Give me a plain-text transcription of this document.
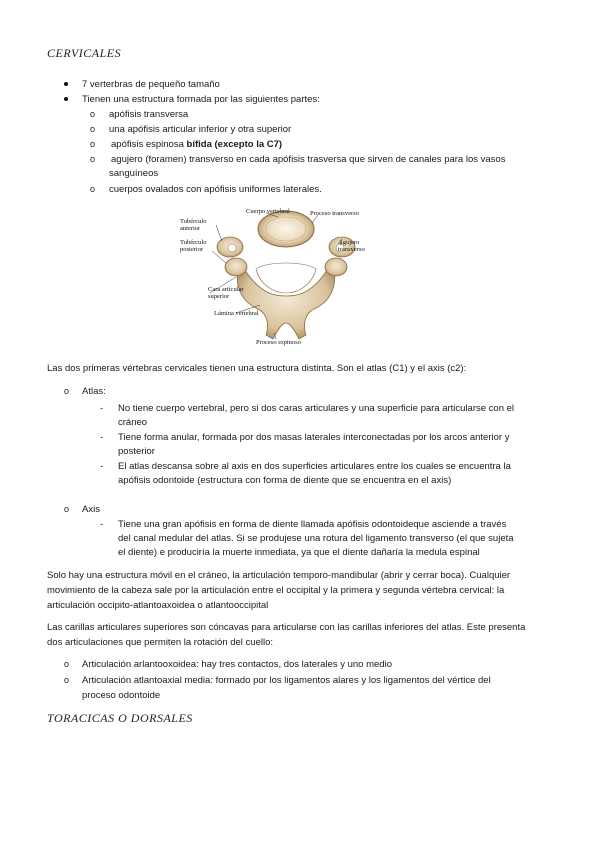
CERVICALES
7 verterbras de pequeño tamaño
Tienen una estructura formada por las siguientes partes:
o apófisis transversa
o una apófisis articular inferior y otra superior
o apófisis espinosa bífida (excepto la C7)
o agujero (foramen) transverso en cada apófisis trasversa que sirven de canales para los vasos
sanguíneos
o cuerpos ovalados con apófisis uniformes laterales.
Cuerpo vertebral	Proceso transverso
Tubérculo
anterior
Tubérculo
posterior
Agujero
transverso
Cara articular
superior
Lámina vertebral
Proceso espinoso
Las dos primeras vértebras cervicales tienen una estructura distinta. Son el atlas (C1) y el axis (c2):
o Atlas:
- No tiene cuerpo vertebral, pero si dos caras articulares y una superficie para articularse con el
cráneo
- Tiene forma anular, formada por dos masas laterales interconectadas por los arcos anterior y
posterior
- El atlas descansa sobre al axis en dos superficies articulares entre los cuales se encuentra la
apófisis odontoide (estructura con forma de diente que se encuentra en el axis)
o Axis
- Tiene una gran apófisis en forma de diente llamada apófisis odontoideque asciende a través
del canal medular del atlas. Si se produjese una rotura del ligamento transverso (el que sujeta
el diente) e produciría la muerte inmediata, ya que el diente dañaría la medula espinal
Solo hay una estructura móvil en el cráneo, la articulación temporo-mandibular (abrir y cerrar boca). Cualquier
movimiento de la cabeza sale por la articulación entre el occipital y la primera y segunda vértebra cervical: la
articulación occipito-atlantoaxoidea o atlantooccipital
Las carillas articulares superiores son cóncavas para articularse con las carillas inferiores del atlas. Este presenta
dos articulaciones que permiten la rotación del cuello:
o Articulación arlantooxoidea: hay tres contactos, dos laterales y uno medio
o Articulación atlantoaxial media: formado por los ligamentos alares y los ligamentos del vértice del
proceso odontoide
TORACICAS O DORSALES
